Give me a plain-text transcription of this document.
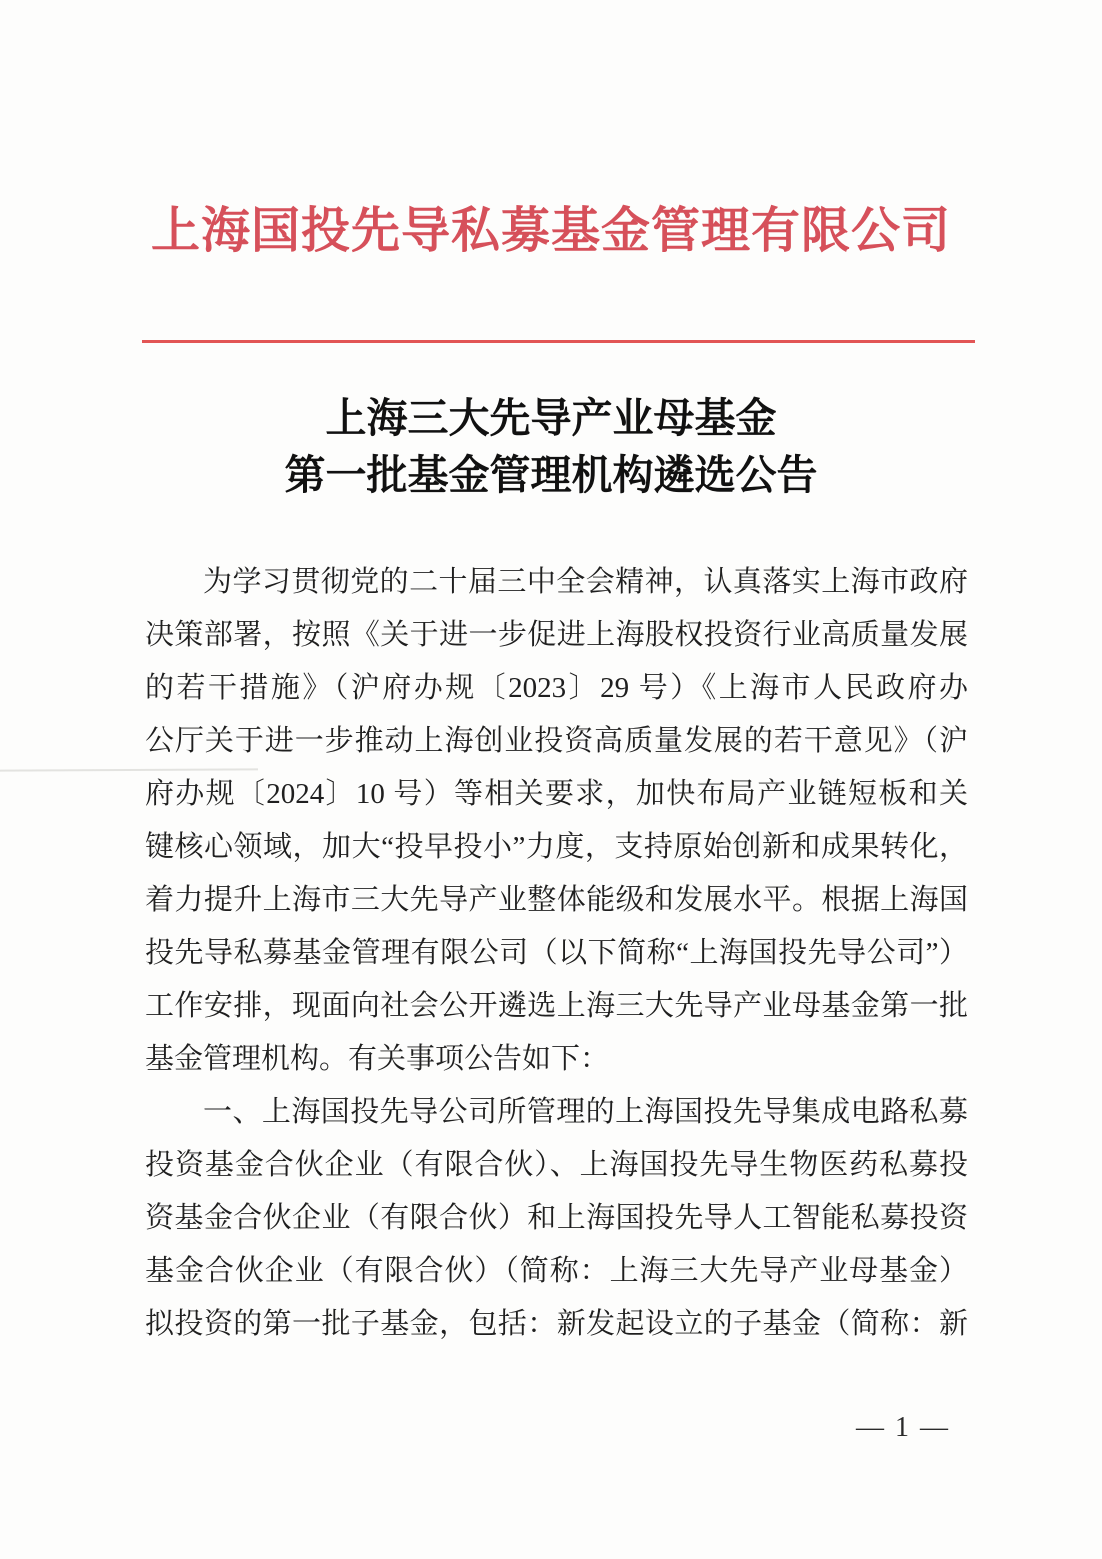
上海国投先导私募基金管理有限公司
上海三大先导产业母基金
第一批基金管理机构遴选公告
为学习贯彻党的二十届三中全会精神，认真落实上海市政府
决策部署，按照《关于进一步促进上海股权投资行业高质量发展
的若干措施》（沪府办规〔2023〕29 号）《上海市人民政府办
公厅关于进一步推动上海创业投资高质量发展的若干意见》（沪
府办规〔2024〕10 号）等相关要求，加快布局产业链短板和关
键核心领域，加大“投早投小”力度，支持原始创新和成果转化，
着力提升上海市三大先导产业整体能级和发展水平。根据上海国
投先导私募基金管理有限公司（以下简称“上海国投先导公司”）
工作安排，现面向社会公开遴选上海三大先导产业母基金第一批
基金管理机构。有关事项公告如下：
一、上海国投先导公司所管理的上海国投先导集成电路私募
投资基金合伙企业（有限合伙）、上海国投先导生物医药私募投
资基金合伙企业（有限合伙）和上海国投先导人工智能私募投资
基金合伙企业（有限合伙）（简称：上海三大先导产业母基金）
拟投资的第一批子基金，包括：新发起设立的子基金（简称：新
— 1 —
